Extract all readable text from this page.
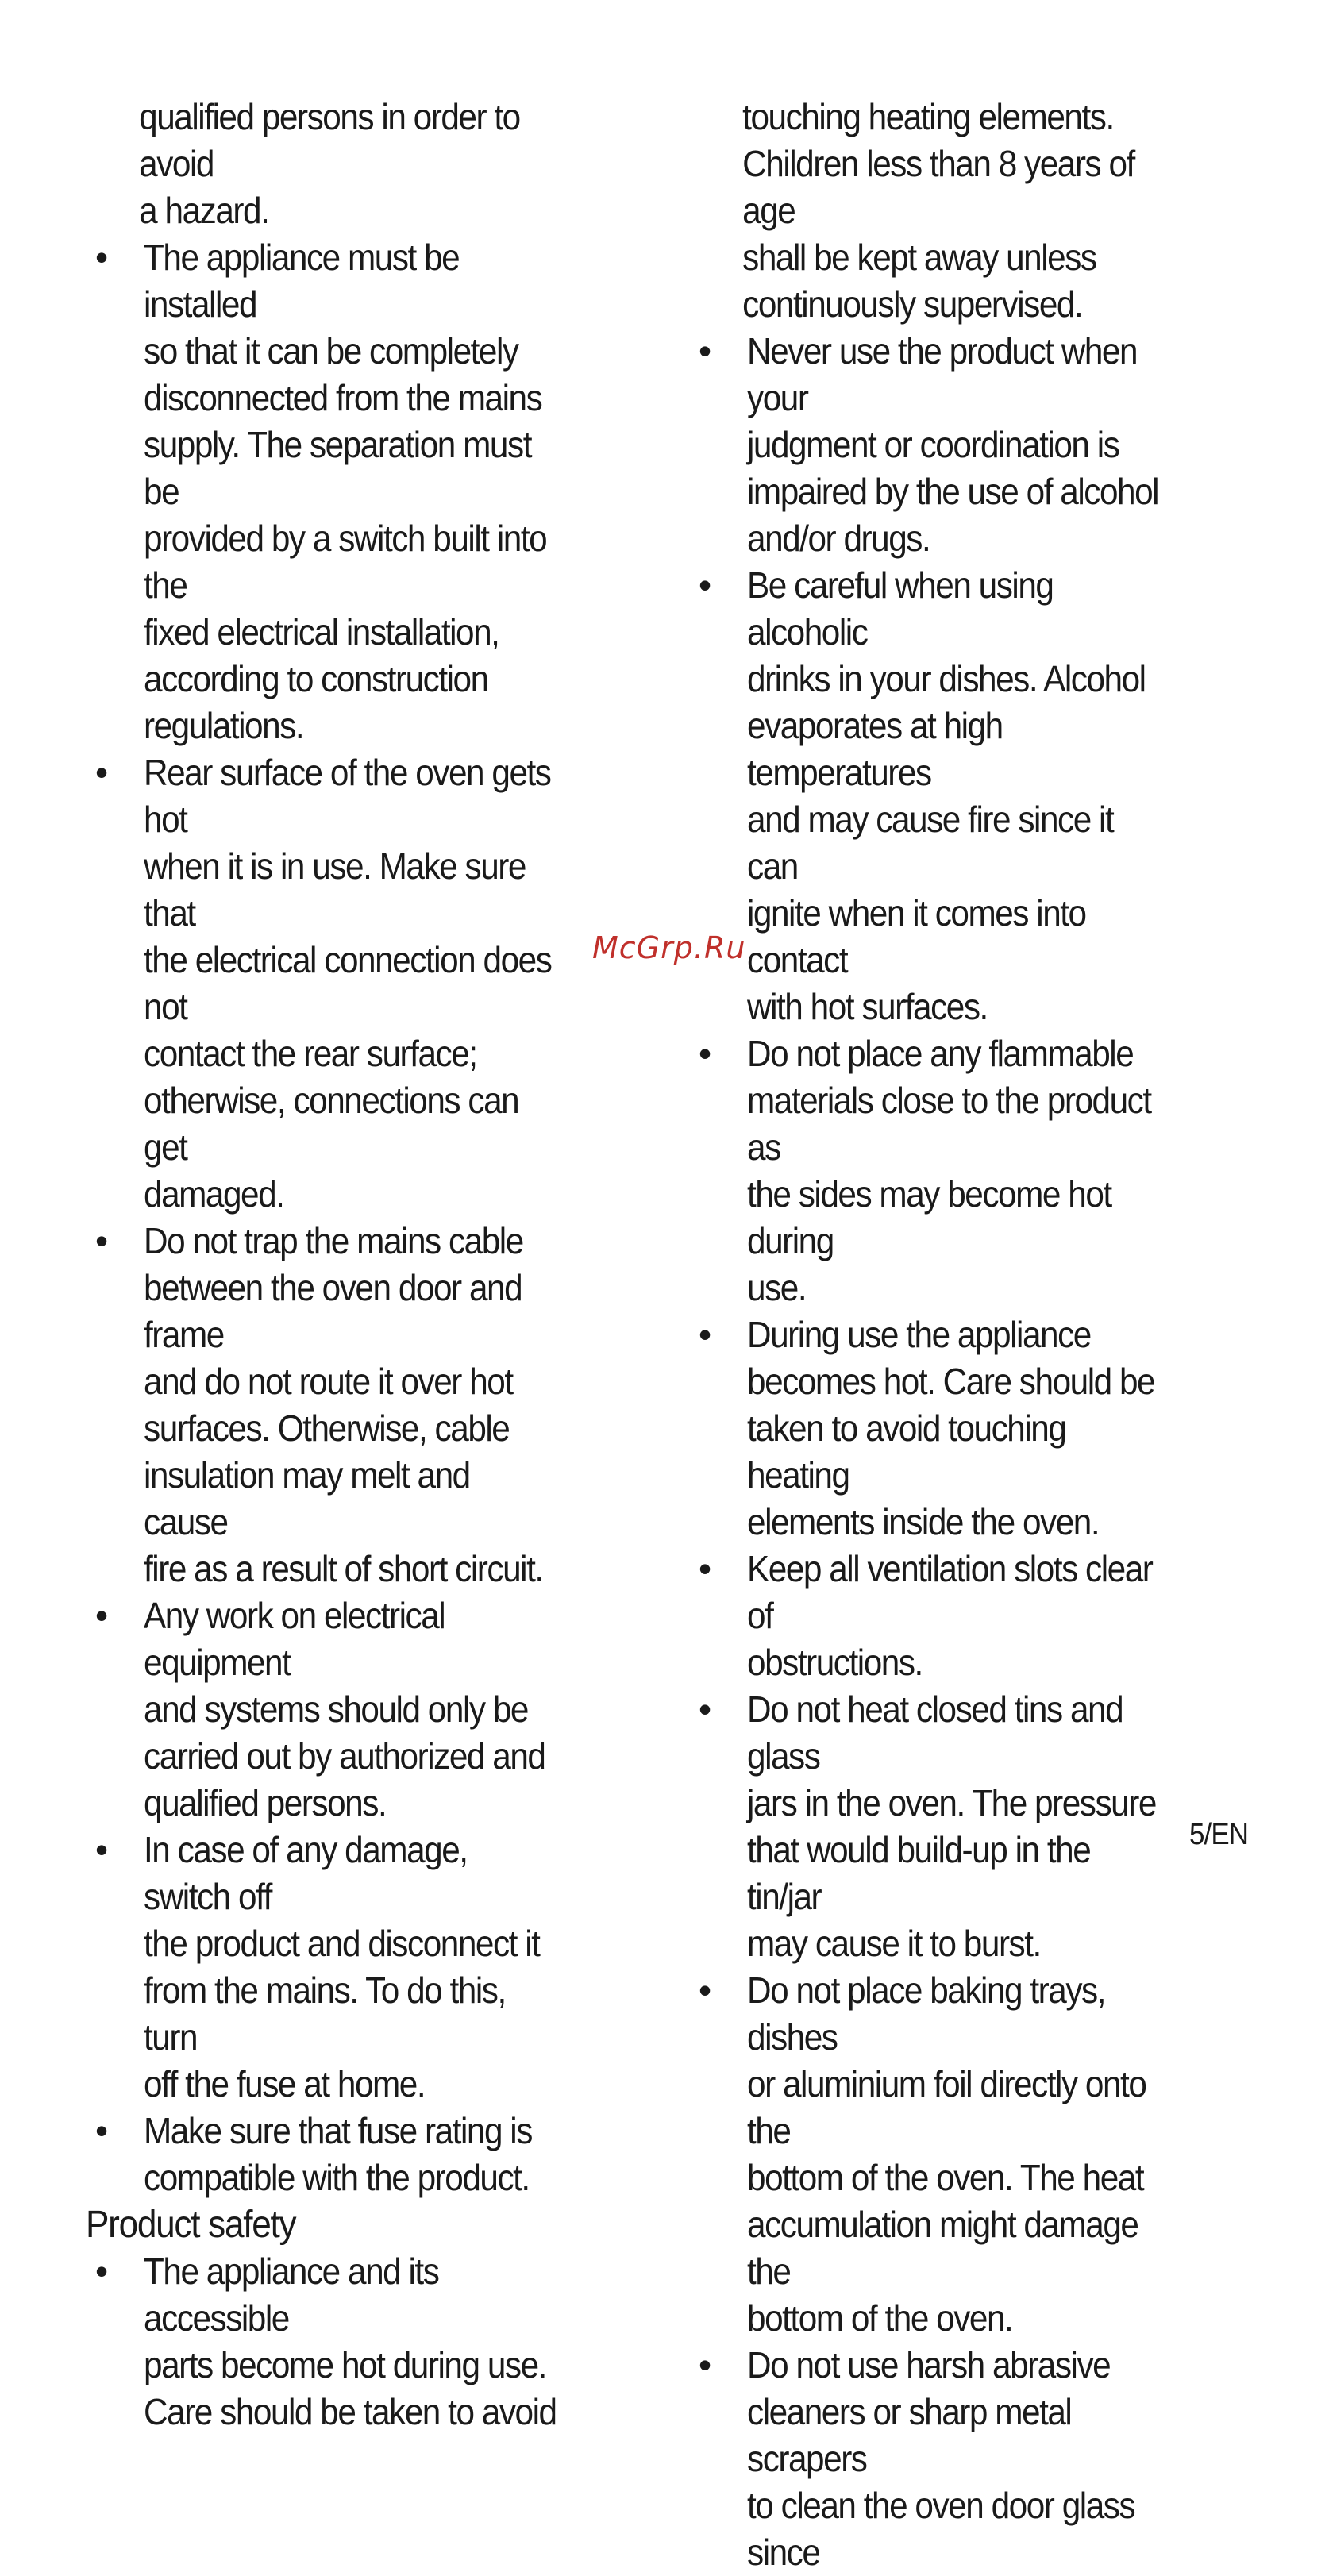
qualified persons in order to avoid
a hazard.
• The appliance must be installed
so that it can be completely
disconnected from the mains
supply. The separation must be
provided by a switch built into the
fixed electrical installation,
according to construction
regulations.
• Rear surface of the oven gets hot
when it is in use. Make sure that
the electrical connection does not
contact the rear surface;
otherwise, connections can get
damaged.
• Do not trap the mains cable
between the oven door and frame
and do not route it over hot
surfaces. Otherwise, cable
insulation may melt and cause
fire as a result of short circuit.
• Any work on electrical equipment
and systems should only be
carried out by authorized and
qualified persons.
• In case of any damage, switch off
the product and disconnect it
from the mains. To do this, turn
off the fuse at home.
• Make sure that fuse rating is
compatible with the product.
Product safety
• The appliance and its accessible
parts become hot during use.
Care should be taken to avoid
touching heating elements.
Children less than 8 years of age
shall be kept away unless
continuously supervised.
• Never use the product when your
judgment or coordination is
impaired by the use of alcohol
and/or drugs.
• Be careful when using alcoholic
drinks in your dishes. Alcohol
evaporates at high temperatures
and may cause fire since it can
ignite when it comes into contact
with hot surfaces.
• Do not place any flammable
materials close to the product as
the sides may become hot during
use.
• During use the appliance
becomes hot. Care should be
taken to avoid touching heating
elements inside the oven.
• Keep all ventilation slots clear of
obstructions.
• Do not heat closed tins and glass
jars in the oven. The pressure
that would build-up in the tin/jar
may cause it to burst.
• Do not place baking trays, dishes
or aluminium foil directly onto the
bottom of the oven. The heat
accumulation might damage the
bottom of the oven.
• Do not use harsh abrasive
cleaners or sharp metal scrapers
to clean the oven door glass since
McGrp.Ru
5/EN
